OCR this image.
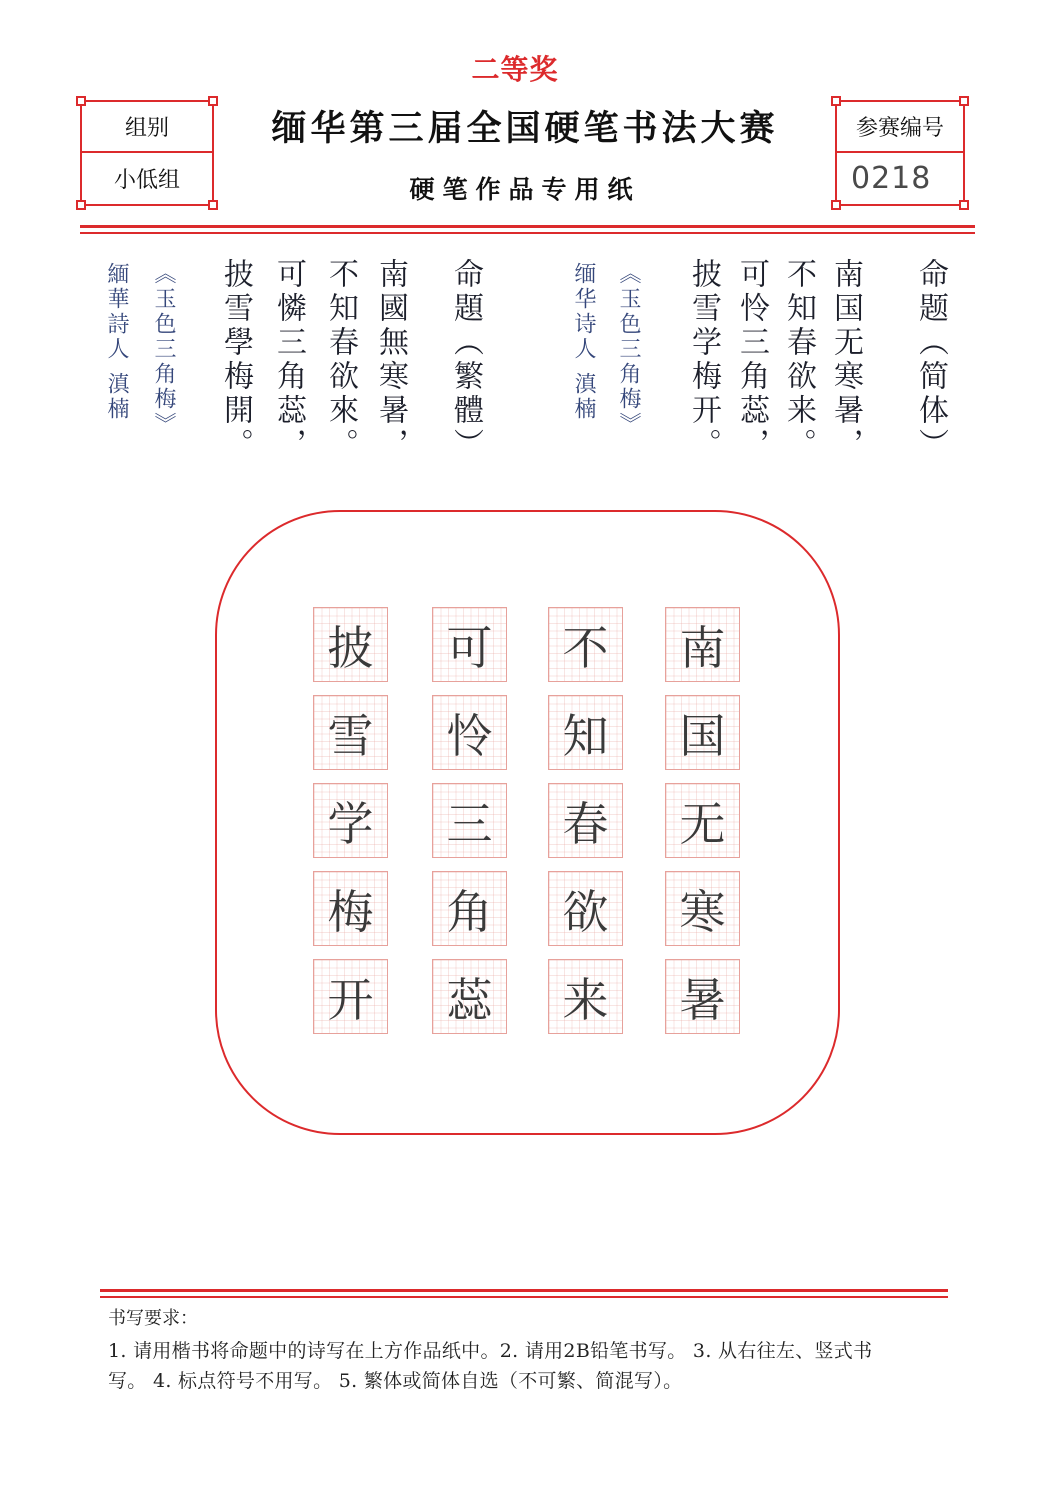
二等奖
组别
小低组
缅华第三届全国硬笔书法大赛
硬笔作品专用纸
参赛编号
0218
命题（简体）
南国无寒暑，
不知春欲来。
可怜三角蕊，
披雪学梅开。
《玉色三角梅》
缅华诗人 滇楠
命題（繁體）
南國無寒暑，
不知春欲來。
可憐三角蕊，
披雪學梅開。
《玉色三角梅》
緬華詩人 滇楠
南
国
无
寒
暑
不
知
春
欲
来
可
怜
三
角
蕊
披
雪
学
梅
开
书写要求：
1. 请用楷书将命题中的诗写在上方作品纸中。2. 请用2B铅笔书写。 3. 从右往左、竖式书
写。 4. 标点符号不用写。 5. 繁体或简体自选（不可繁、简混写）。
